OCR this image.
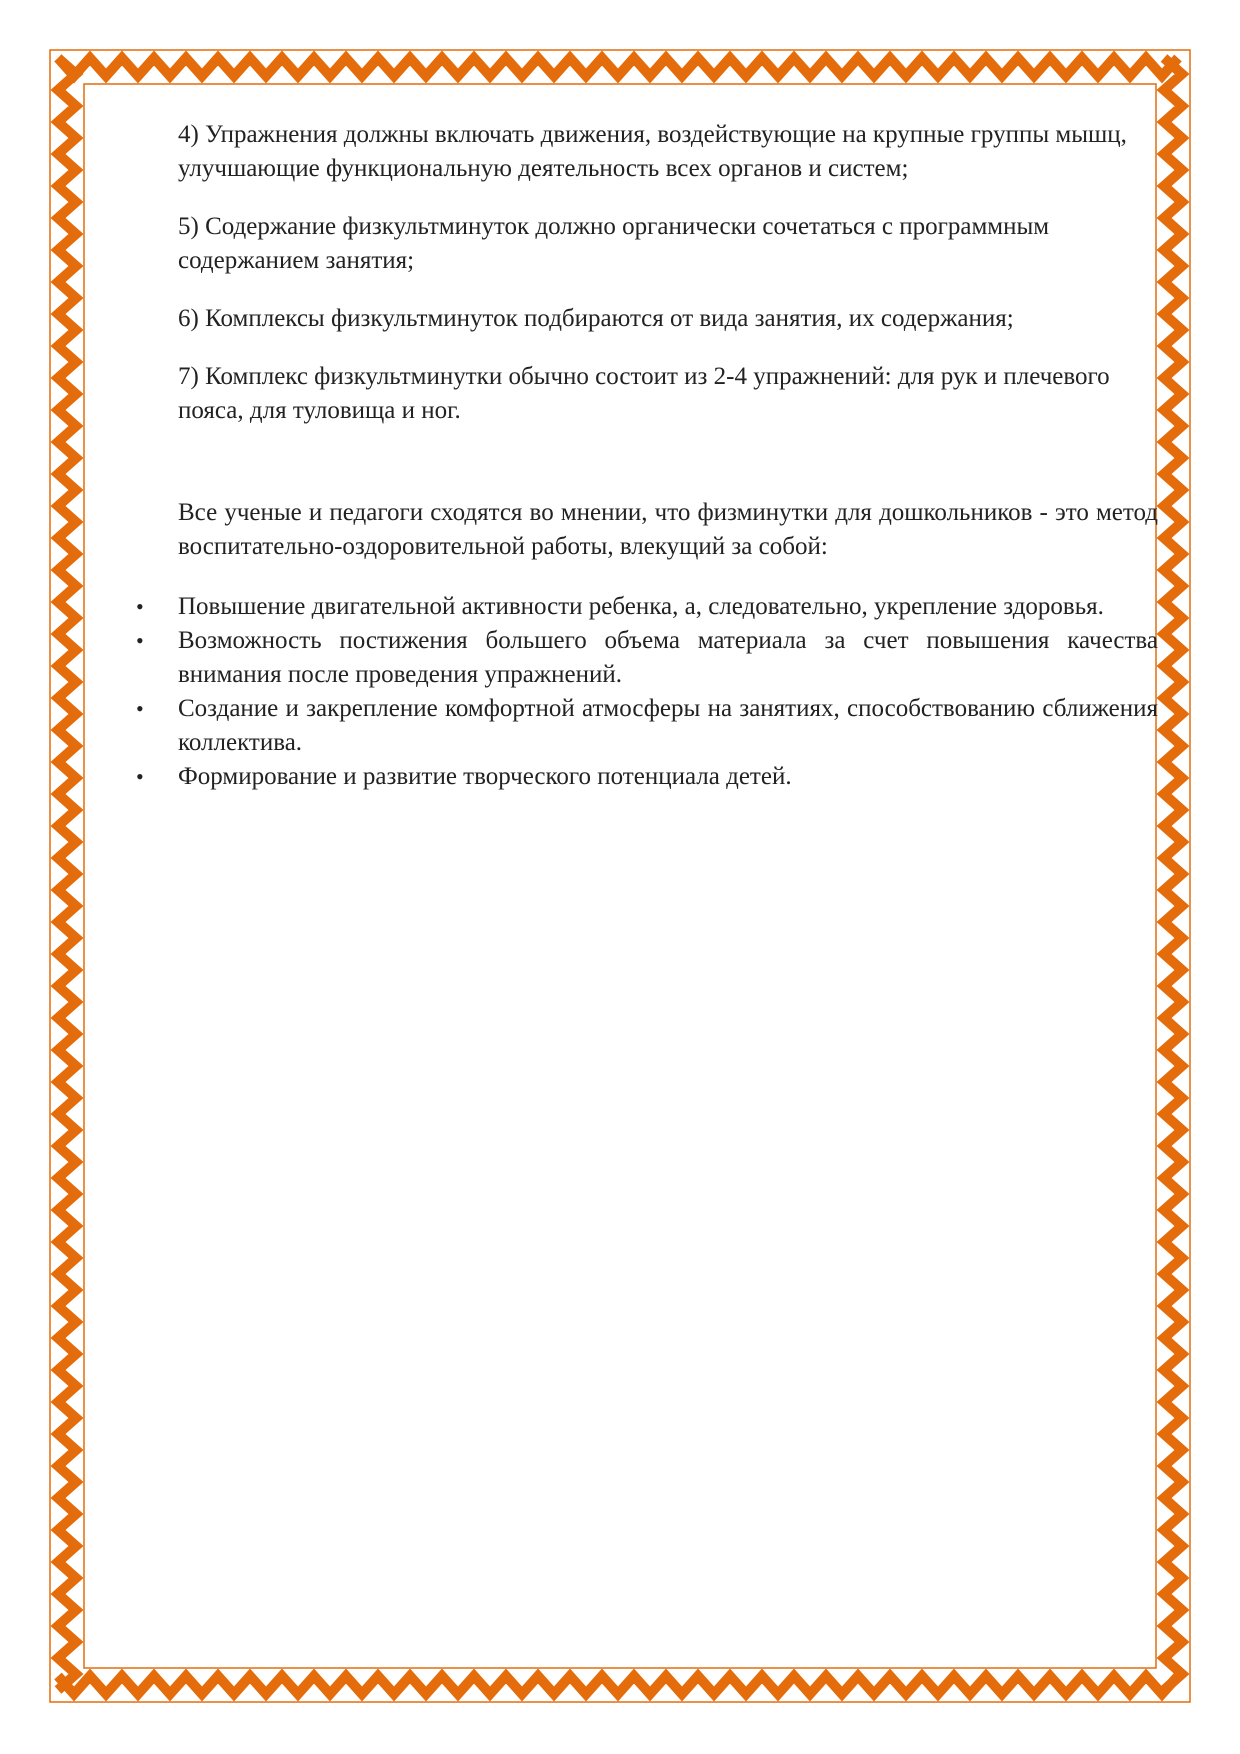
4) Упражнения должны включать движения, воздействующие на крупные группы мышц, улучшающие функциональную деятельность всех органов и систем;

5) Содержание физкультминуток должно органически сочетаться с программным содержанием занятия;

6) Комплексы физкультминуток подбираются от вида занятия, их содержания;

7) Комплекс физкультминутки обычно состоит из 2-4 упражнений: для рук и плечевого пояса, для туловища и ног.

Все ученые и педагоги сходятся во мнении, что физминутки для дошкольников - это метод воспитательно-оздоровительной работы, влекущий за собой:

• Повышение двигательной активности ребенка, а, следовательно, укрепление здоровья.
• Возможность постижения большего объема материала за счет повышения качества внимания после проведения упражнений.
• Создание и закрепление комфортной атмосферы на занятиях, способствованию сближения коллектива.
• Формирование и развитие творческого потенциала детей.
